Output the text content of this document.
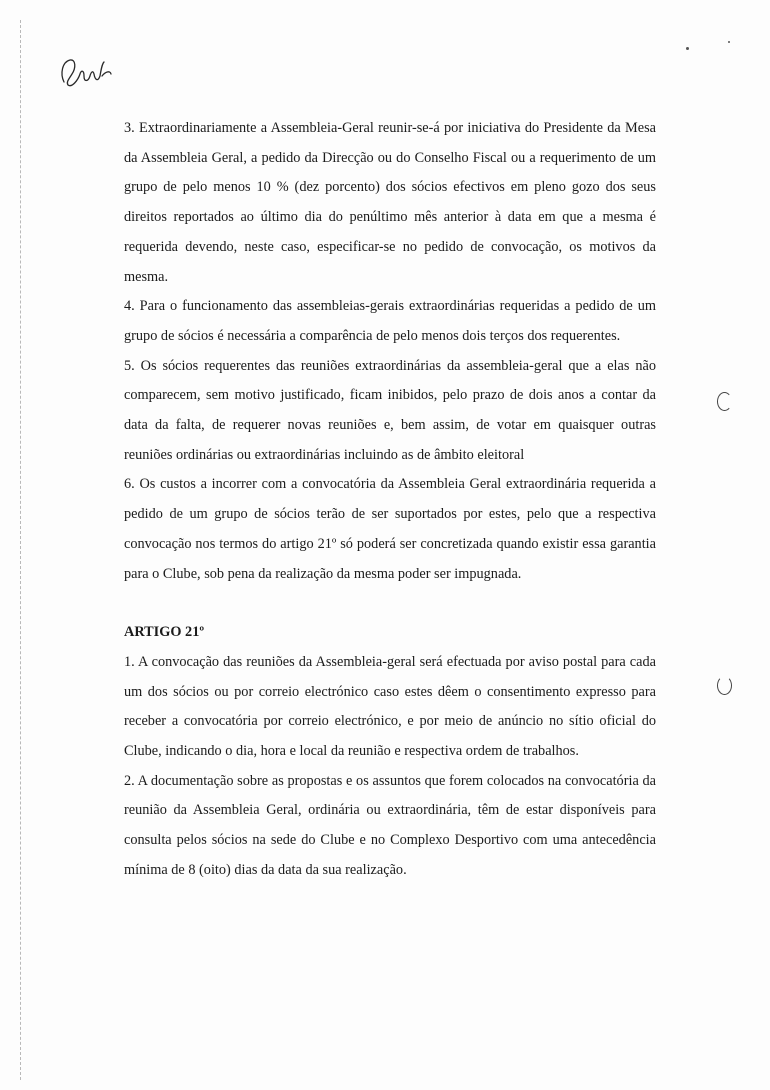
3. Extraordinariamente a Assembleia-Geral reunir-se-á por iniciativa do Presidente da Mesa da Assembleia Geral, a pedido da Direcção ou do Conselho Fiscal ou a requerimento de um grupo de pelo menos 10 % (dez porcento) dos sócios efectivos em pleno gozo dos seus direitos reportados ao último dia do penúltimo mês anterior à data em que a mesma é requerida devendo, neste caso, especificar-se no pedido de convocação, os motivos da mesma.

4. Para o funcionamento das assembleias-gerais extraordinárias requeridas a pedido de um grupo de sócios é necessária a comparência de pelo menos dois terços dos requerentes.

5. Os sócios requerentes das reuniões extraordinárias da assembleia-geral que a elas não comparecem, sem motivo justificado, ficam inibidos, pelo prazo de dois anos a contar da data da falta, de requerer novas reuniões e, bem assim, de votar em quaisquer outras reuniões ordinárias ou extraordinárias incluindo as de âmbito eleitoral

6. Os custos a incorrer com a convocatória da Assembleia Geral extraordinária requerida a pedido de um grupo de sócios terão de ser suportados por estes, pelo que a respectiva convocação nos termos do artigo 21º só poderá ser concretizada quando existir essa garantia para o Clube, sob pena da realização da mesma poder ser impugnada.

ARTIGO 21º

1. A convocação das reuniões da Assembleia-geral será efectuada por aviso postal para cada um dos sócios ou por correio electrónico caso estes dêem o consentimento expresso para receber a convocatória por correio electrónico, e por meio de anúncio no sítio oficial do Clube, indicando o dia, hora e local da reunião e respectiva ordem de trabalhos.

2. A documentação sobre as propostas e os assuntos que forem colocados na convocatória da reunião da Assembleia Geral, ordinária ou extraordinária, têm de estar disponíveis para consulta pelos sócios na sede do Clube e no Complexo Desportivo com uma antecedência mínima de 8 (oito) dias da data da sua realização.
